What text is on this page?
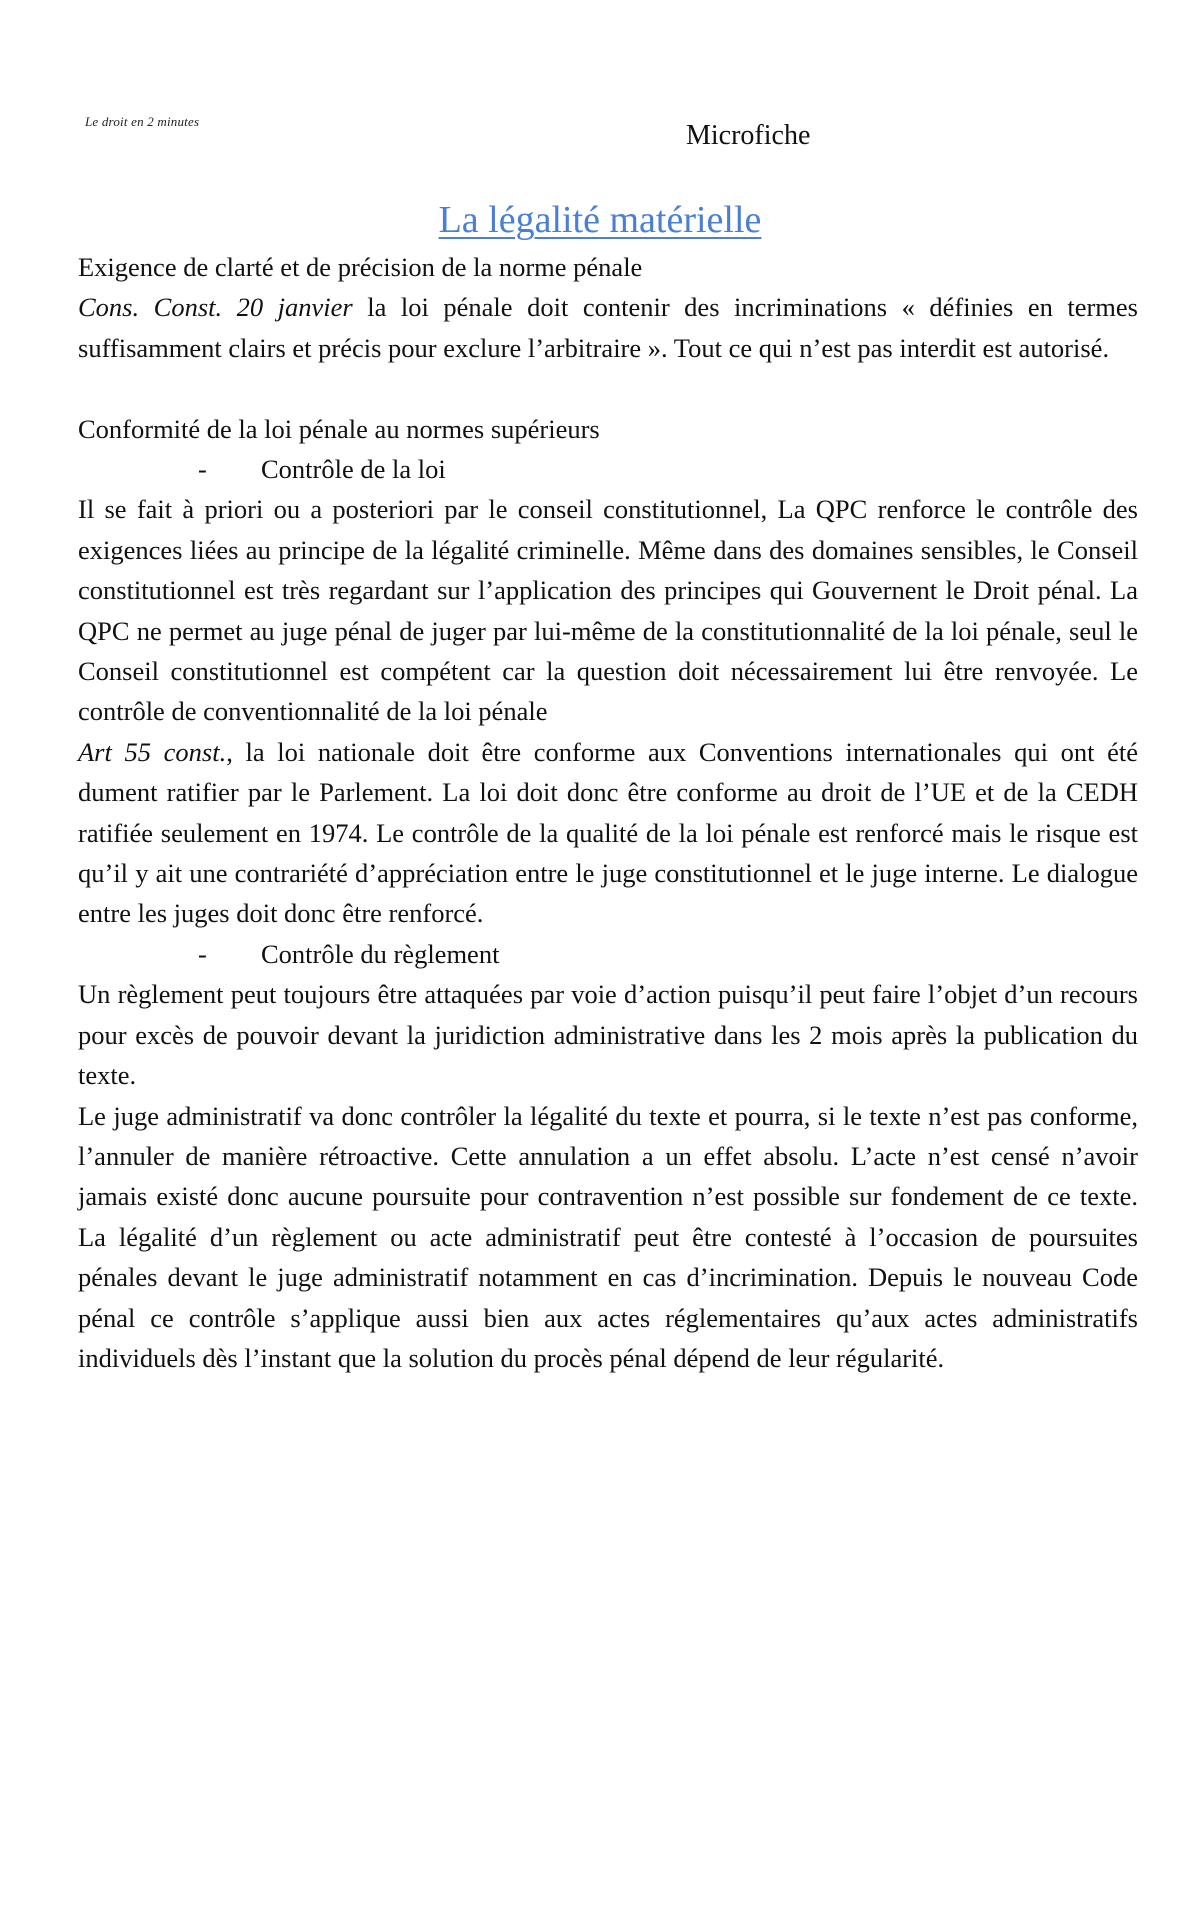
Le droit en 2 minutes	Microfiche
La légalité matérielle

Exigence de clarté et de précision de la norme pénale

Cons. Const. 20 janvier la loi pénale doit contenir des incriminations « définies en termes suffisamment clairs et précis pour exclure l’arbitraire ». Tout ce qui n’est pas interdit est autorisé.

Conformité de la loi pénale au normes supérieurs

- Contrôle de la loi

Il se fait à priori ou a posteriori par le conseil constitutionnel, La QPC renforce le contrôle des exigences liées au principe de la légalité criminelle. Même dans des domaines sensibles, le Conseil constitutionnel est très regardant sur l’application des principes qui Gouvernent le Droit pénal. La QPC ne permet au juge pénal de juger par lui-même de la constitutionnalité de la loi pénale, seul le Conseil constitutionnel est compétent car la question doit nécessairement lui être renvoyée. Le contrôle de conventionnalité de la loi pénale

Art 55 const., la loi nationale doit être conforme aux Conventions internationales qui ont été dument ratifier par le Parlement. La loi doit donc être conforme au droit de l’UE et de la CEDH ratifiée seulement en 1974. Le contrôle de la qualité de la loi pénale est renforcé mais le risque est qu’il y ait une contrariété d’appréciation entre le juge constitutionnel et le juge interne. Le dialogue entre les juges doit donc être renforcé.

- Contrôle du règlement

Un règlement peut toujours être attaquées par voie d’action puisqu’il peut faire l’objet d’un recours pour excès de pouvoir devant la juridiction administrative dans les 2 mois après la publication du texte.

Le juge administratif va donc contrôler la légalité du texte et pourra, si le texte n’est pas conforme, l’annuler de manière rétroactive. Cette annulation a un effet absolu. L’acte n’est censé n’avoir jamais existé donc aucune poursuite pour contravention n’est possible sur fondement de ce texte. La légalité d’un règlement ou acte administratif peut être contesté à l’occasion de poursuites pénales devant le juge administratif notamment en cas d’incrimination. Depuis le nouveau Code pénal ce contrôle s’applique aussi bien aux actes réglementaires qu’aux actes administratifs individuels dès l’instant que la solution du procès pénal dépend de leur régularité.
